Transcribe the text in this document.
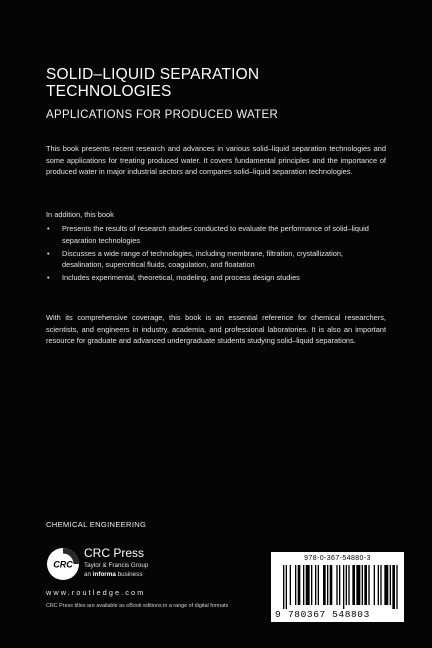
SOLID–LIQUID SEPARATION
TECHNOLOGIES
APPLICATIONS FOR PRODUCED WATER

This book presents recent research and advances in various solid–liquid separation technologies and some applications for treating produced water. It covers fundamental principles and the importance of produced water in major industrial sectors and compares solid–liquid separation technologies.

In addition, this book
• Presents the results of research studies conducted to evaluate the performance of solid–liquid separation technologies
• Discusses a wide range of technologies, including membrane, filtration, crystallization, desalination, supercritical fluids, coagulation, and floatation
• Includes experimental, theoretical, modeling, and process design studies

With its comprehensive coverage, this book is an essential reference for chemical researchers, scientists, and engineers in industry, academia, and professional laboratories. It is also an important resource for graduate and advanced undergraduate students studying solid–liquid separations.

CHEMICAL ENGINEERING
CRC
CRC Press
Taylor & Francis Group
an informa business
www.routledge.com
CRC Press titles are available as eBook editions in a range of digital formats
978-0-367-54880-3
9 780367 548803
